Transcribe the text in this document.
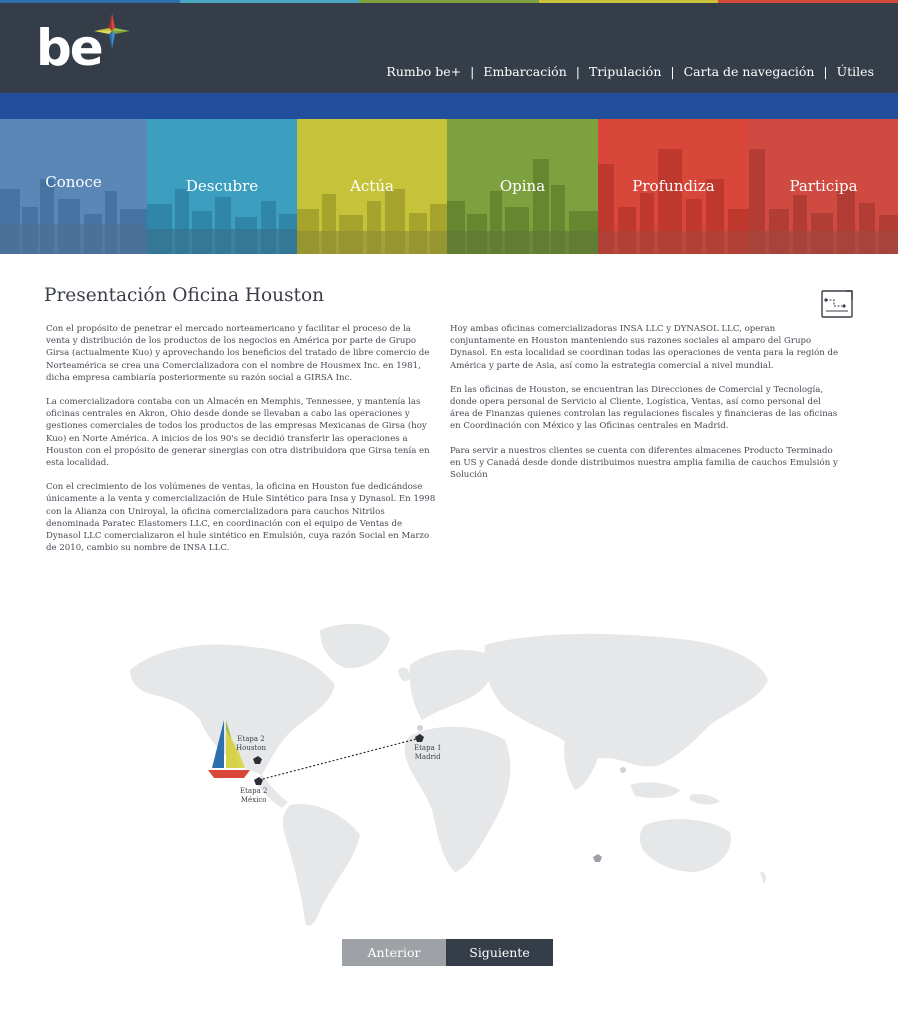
be	Rumbo be+ | Embarcación | Tripulación | Carta de navegación | Útiles
Conoce	Descubre	Actúa	Opina	Profundiza	Participa
Presentación Oficina Houston

Con el propósito de penetrar el mercado norteamericano y facilitar el proceso de la venta y distribución de los productos de los negocios en América por parte de Grupo Girsa (actualmente Kuo) y aprovechando los beneficios del tratado de libre comercio de Norteamérica se crea una Comercializadora con el nombre de Housmex Inc. en 1981, dicha empresa cambiaría posteriormente su razón social a GIRSA Inc.

La comercializadora contaba con un Almacén en Memphis, Tennessee, y mantenía las oficinas centrales en Akron, Ohio desde donde se llevaban a cabo las operaciones y gestiones comerciales de todos los productos de las empresas Mexicanas de Girsa (hoy Kuo) en Norte América. A inicios de los 90's se decidió transferir las operaciones a Houston con el propósito de generar sinergias con otra distribuidora que Girsa tenía en esta localidad.

Con el crecimiento de los volúmenes de ventas, la oficina en Houston fue dedicándose únicamente a la venta y comercialización de Hule Sintético para Insa y Dynasol. En 1998 con la Alianza con Uniroyal, la oficina comercializadora para cauchos Nitrilos denominada Paratec Elastomers LLC, en coordinación con el equipo de Ventas de Dynasol LLC comercializaron el hule sintético en Emulsión, cuya razón Social en Marzo de 2010, cambio su nombre de INSA LLC.

Hoy ambas oficinas comercializadoras INSA LLC y DYNASOL LLC, operan conjuntamente en Houston manteniendo sus razones sociales al amparo del Grupo Dynasol. En esta localidad se coordinan todas las operaciones de venta para la región de América y parte de Asia, así como la estrategia comercial a nivel mundial.

En las oficinas de Houston, se encuentran las Direcciones de Comercial y Tecnología, donde opera personal de Servicio al Cliente, Logística, Ventas, así como personal del área de Finanzas quienes controlan las regulaciones fiscales y financieras de las oficinas en Coordinación con México y las Oficinas centrales en Madrid.

Para servir a nuestros clientes se cuenta con diferentes almacenes Producto Terminado en US y Canadá desde donde distribuimos nuestra amplia familia de cauchos Emulsión y Solución

Etapa 2
Houston
Etapa 2
México
Etapa 1
Madrid
Anterior	Siguiente
